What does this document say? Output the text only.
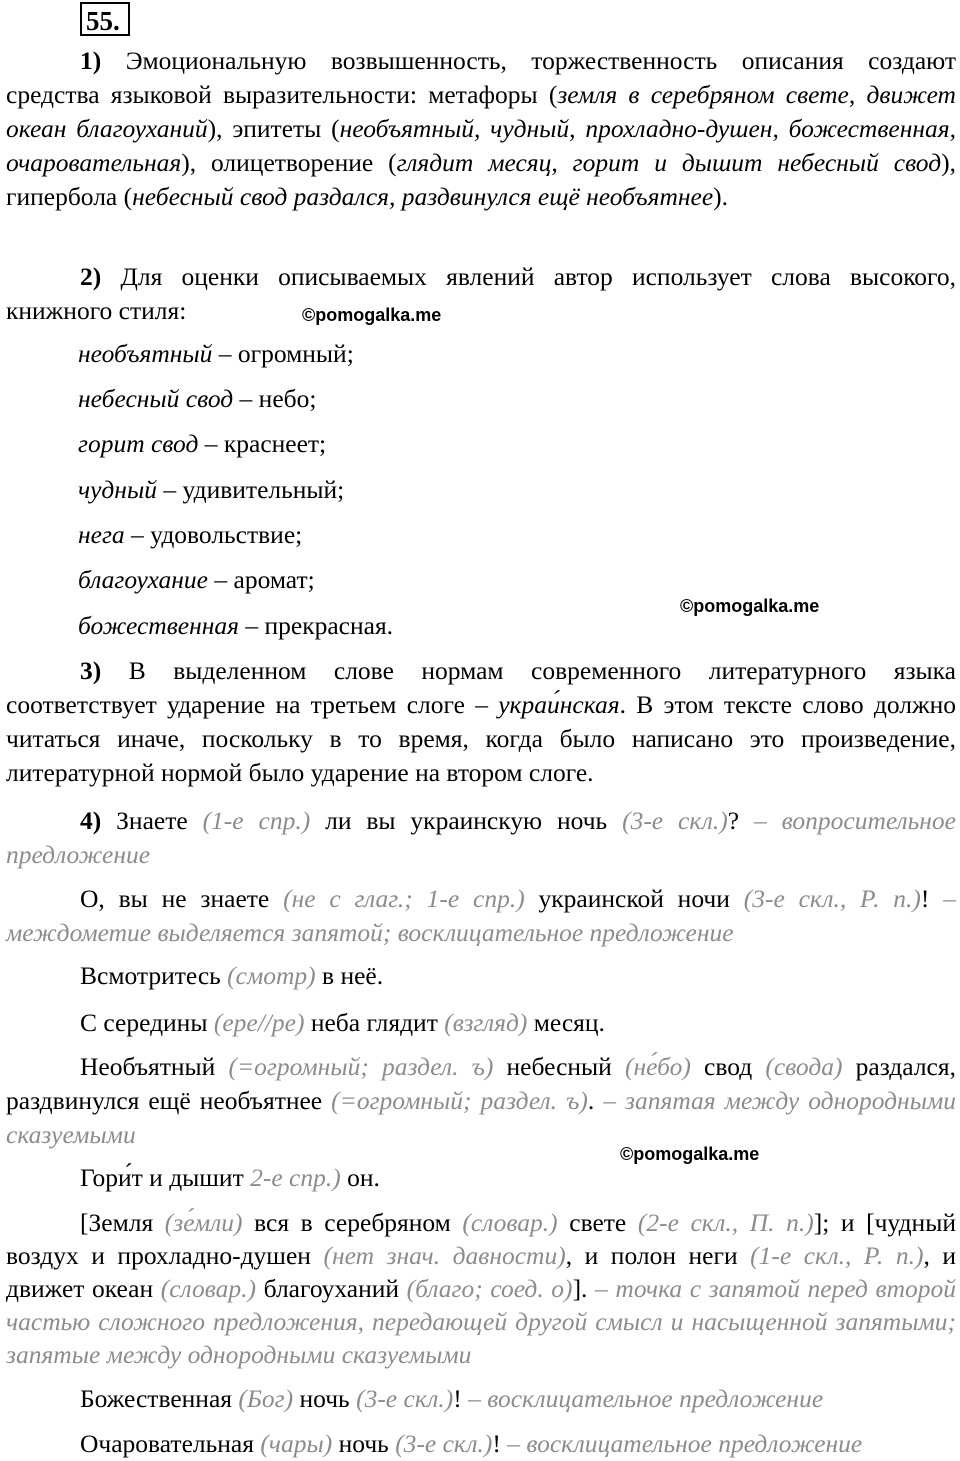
55.
1) Эмоциональную возвышенность, торжественность описания создают средства языковой выразительности: метафоры (земля в серебряном свете, движет океан благоуханий), эпитеты (необъятный, чудный, прохладно-душен, божественная, очаровательная), олицетворение (глядит месяц, горит и дышит небесный свод), гипербола (небесный свод раздался, раздвинулся ещё необъятнее).
2) Для оценки описываемых явлений автор использует слова высокого, книжного стиля:	©pomogalka.me
необъятный – огромный;
небесный свод – небо;
горит свод – краснеет;
чудный – удивительный;
нега – удовольствие;
благоухание – аромат;
©pomogalka.me
божественная – прекрасная.
3) В выделенном слове нормам современного литературного языка соответствует ударение на третьем слоге – украи́нская. В этом тексте слово должно читаться иначе, поскольку в то время, когда было написано это произведение, литературной нормой было ударение на втором слоге.
4) Знаете (1-е спр.) ли вы украинскую ночь (3-е скл.)? – вопросительное предложение
О, вы не знаете (не с глаг.; 1-е спр.) украинской ночи (3-е скл., Р. п.)! – междометие выделяется запятой; восклицательное предложение
Всмотритесь (смотр) в неё.
С середины (ере//ре) неба глядит (взгляд) месяц.
Необъятный (=огромный; раздел. ъ) небесный (не́бо) свод (свода) раздался, раздвинулся ещё необъятнее (=огромный; раздел. ъ). – запятая между однородными сказуемыми
©pomogalka.me
Гори́т и дышит 2-е спр.) он.
[Земля (зе́мли) вся в серебряном (словар.) свете (2-е скл., П. п.)]; и [чудный воздух и прохладно-душен (нет знач. давности), и полон неги (1-е скл., Р. п.), и движет океан (словар.) благоуханий (благо; соед. о)]. – точка с запятой перед второй частью сложного предложения, передающей другой смысл и насыщенной запятыми; запятые между однородными сказуемыми
Божественная (Бог) ночь (3-е скл.)! – восклицательное предложение
Очаровательная (чары) ночь (3-е скл.)! – восклицательное предложение
